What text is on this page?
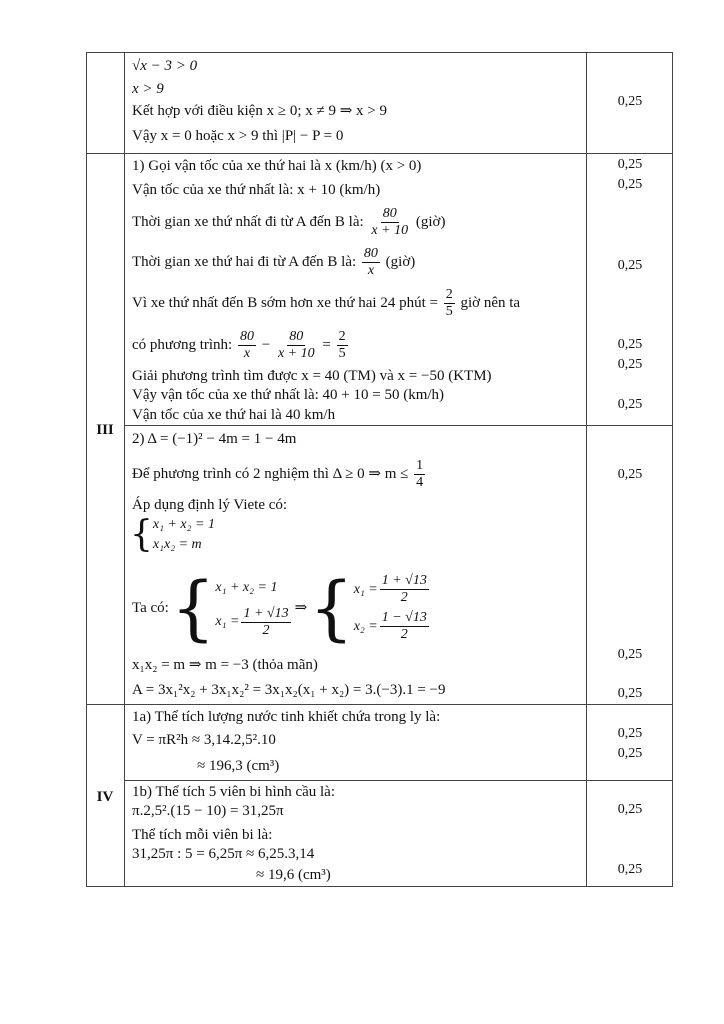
III
IV
√x − 3 > 0
x > 9
Kết hợp với điều kiện x ≥ 0; x ≠ 9 ⇒ x > 9
Vậy x = 0 hoặc x > 9 thì |P| − P = 0
1) Gọi vận tốc của xe thứ hai là x (km/h) (x > 0)
Vận tốc của xe thứ nhất là: x + 10 (km/h)
Thời gian xe thứ nhất đi từ A đến B là: $\frac{80}{x + 10}$ (giờ)
Thời gian xe thứ hai đi từ A đến B là: $\frac{80}{x}$ (giờ)
Vì xe thứ nhất đến B sớm hơn xe thứ hai 24 phút = $\frac{2}{5}$ giờ nên ta
có phương trình: $\frac{80}{x} - \frac{80}{x + 10} = \frac{2}{5}$
Giải phương trình tìm được x = 40 (TM) và x = −50 (KTM)
Vậy vận tốc của xe thứ nhất là: 40 + 10 = 50 (km/h)
Vận tốc của xe thứ hai là 40 km/h
2) Δ = (−1)² − 4m = 1 − 4m
Để phương trình có 2 nghiệm thì Δ ≥ 0 ⇒ $m \le \frac{1}{4}$
Áp dụng định lý Viete có:
{ x₁ + x₂ = 1
x₁x₂ = m
Ta có: { x₁ + x₂ = 1
$x_1 = \frac{1 + √13}{2}$ ⇒ { $x_1 = \frac{1 + √13}{2}$
$x_2 = \frac{1 - √13}{2}$
x₁x₂ = m ⇒ m = −3 (thỏa mãn)
A = 3x₁²x₂ + 3x₁x₂² = 3x₁x₂(x₁ + x₂) = 3.(−3).1 = −9
1a) Thể tích lượng nước tinh khiết chứa trong ly là:
V = πR²h ≈ 3,14.2,5².10
≈ 196,3 (cm³)
1b) Thể tích 5 viên bi hình cầu là:
π.2,5².(15 − 10) = 31,25π
Thể tích mỗi viên bi là:
31,25π : 5 = 6,25π ≈ 6,25.3,14
≈ 19,6 (cm³)
0,25
0,25
0,25
0,25
0,25
0,25
0,25
0,25
0,25
0,25
0,25
0,25
0,25
0,25
